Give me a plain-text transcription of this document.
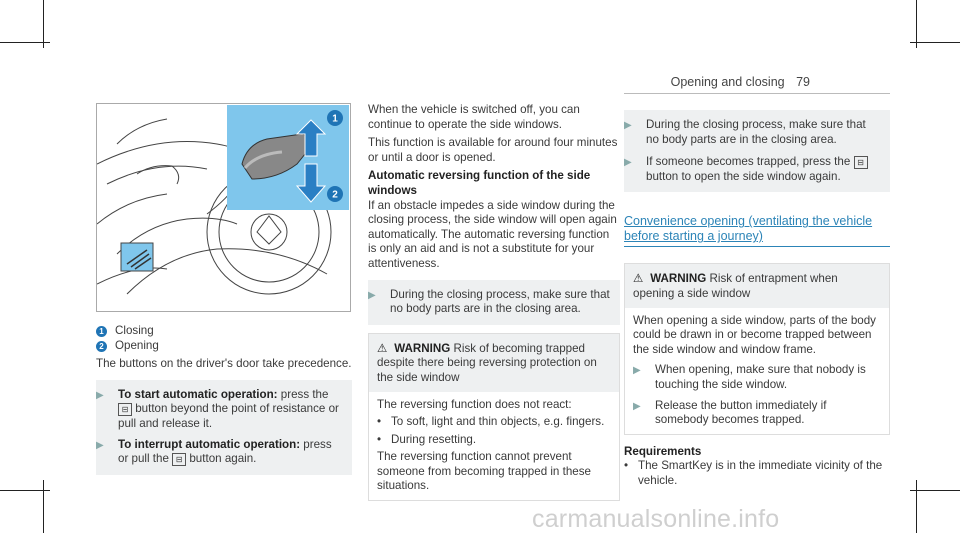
Opening and closing 79
1
2
1 Closing
2 Opening
The buttons on the driver's door take precedence.
▶	To start automatic operation: press the ⊟ button beyond the point of resistance or pull and release it.
▶	To interrupt automatic operation: press or pull the ⊟ button again.
When the vehicle is switched off, you can continue to operate the side windows.
This function is available for around four minutes or until a door is opened.
Automatic reversing function of the side windows
If an obstacle impedes a side window during the closing process, the side window will open again automatically. The automatic reversing function is only an aid and is not a substitute for your attentiveness.
▶	During the closing process, make sure that no body parts are in the closing area.
⚠ WARNING Risk of becoming trapped despite there being reversing protection on the side window
The reversing function does not react:
• To soft, light and thin objects, e.g. fingers.
• During resetting.
The reversing function cannot prevent someone from becoming trapped in these situations.
▶	During the closing process, make sure that no body parts are in the closing area.
▶	If someone becomes trapped, press the ⊟ button to open the side window again.
Convenience opening (ventilating the vehicle before starting a journey)
⚠ WARNING Risk of entrapment when opening a side window
When opening a side window, parts of the body could be drawn in or become trapped between the side window and window frame.
▶	When opening, make sure that nobody is touching the side window.
▶	Release the button immediately if somebody becomes trapped.
Requirements
• The SmartKey is in the immediate vicinity of the vehicle.
carmanualsonline.info
